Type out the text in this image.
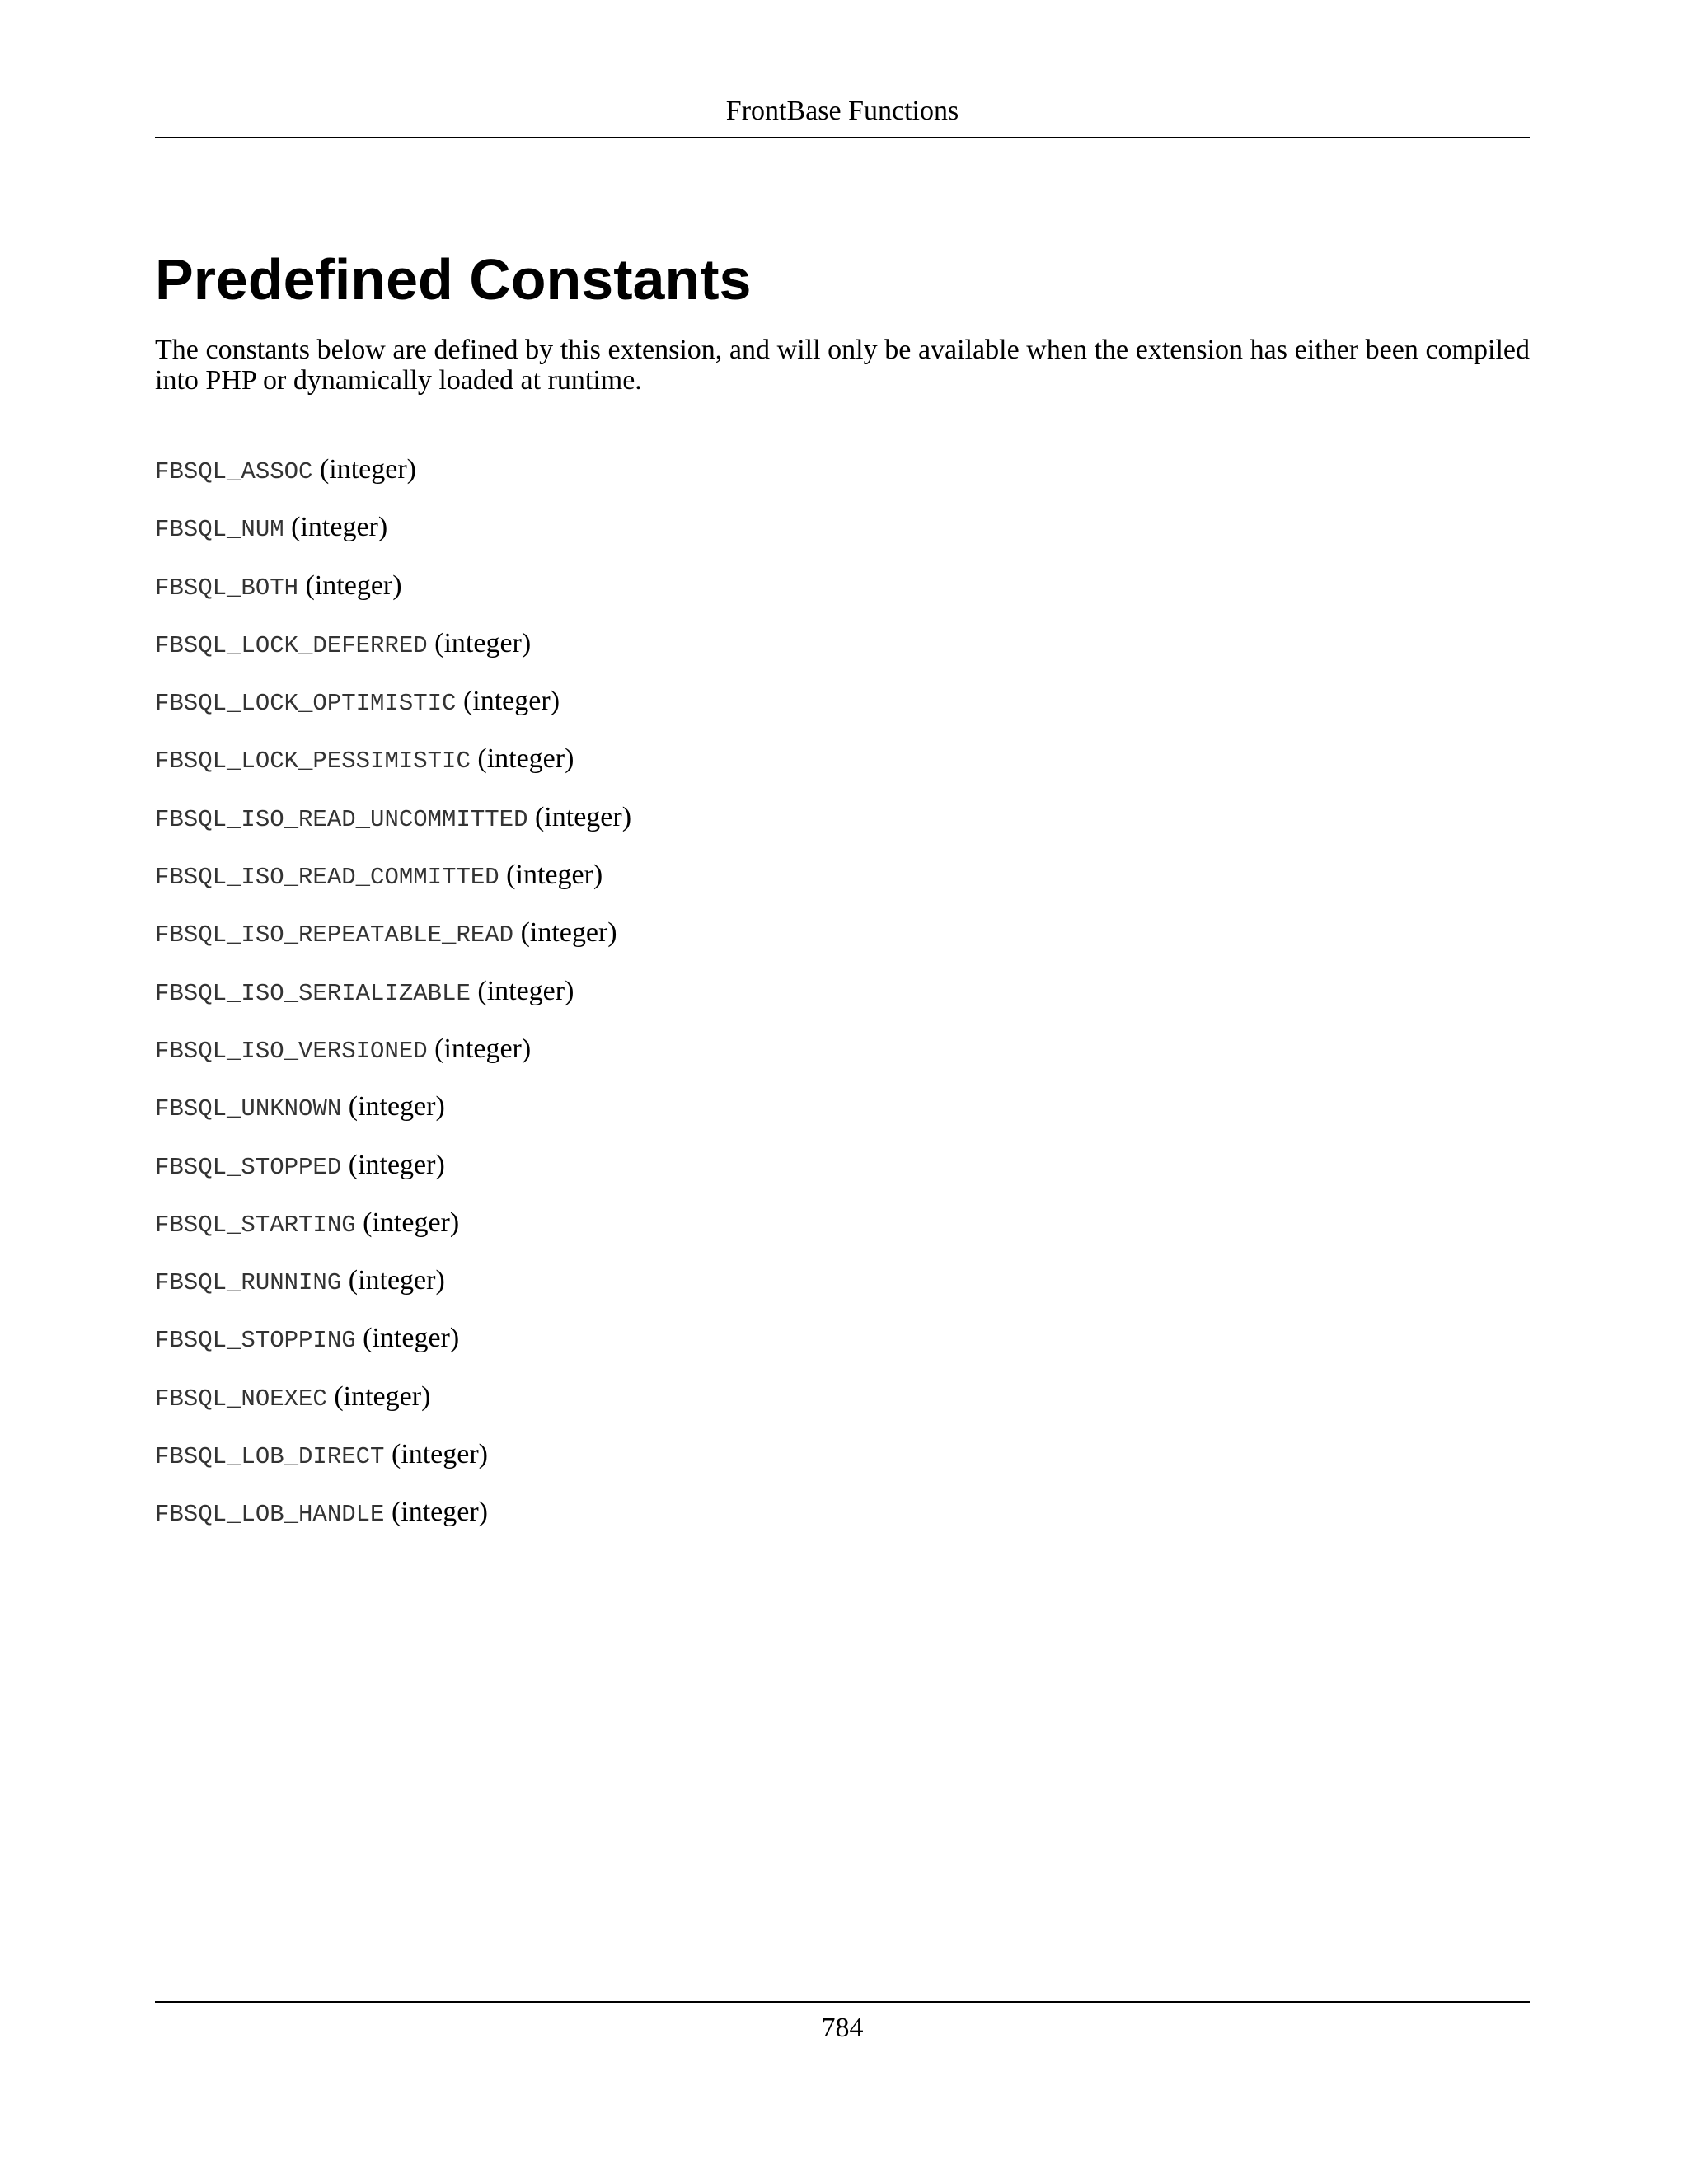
FrontBase Functions
Predefined Constants

The constants below are defined by this extension, and will only be available when the extension has either been compiled into PHP or dynamically loaded at runtime.

FBSQL_ASSOC (integer)
FBSQL_NUM (integer)
FBSQL_BOTH (integer)
FBSQL_LOCK_DEFERRED (integer)
FBSQL_LOCK_OPTIMISTIC (integer)
FBSQL_LOCK_PESSIMISTIC (integer)
FBSQL_ISO_READ_UNCOMMITTED (integer)
FBSQL_ISO_READ_COMMITTED (integer)
FBSQL_ISO_REPEATABLE_READ (integer)
FBSQL_ISO_SERIALIZABLE (integer)
FBSQL_ISO_VERSIONED (integer)
FBSQL_UNKNOWN (integer)
FBSQL_STOPPED (integer)
FBSQL_STARTING (integer)
FBSQL_RUNNING (integer)
FBSQL_STOPPING (integer)
FBSQL_NOEXEC (integer)
FBSQL_LOB_DIRECT (integer)
FBSQL_LOB_HANDLE (integer)
784
